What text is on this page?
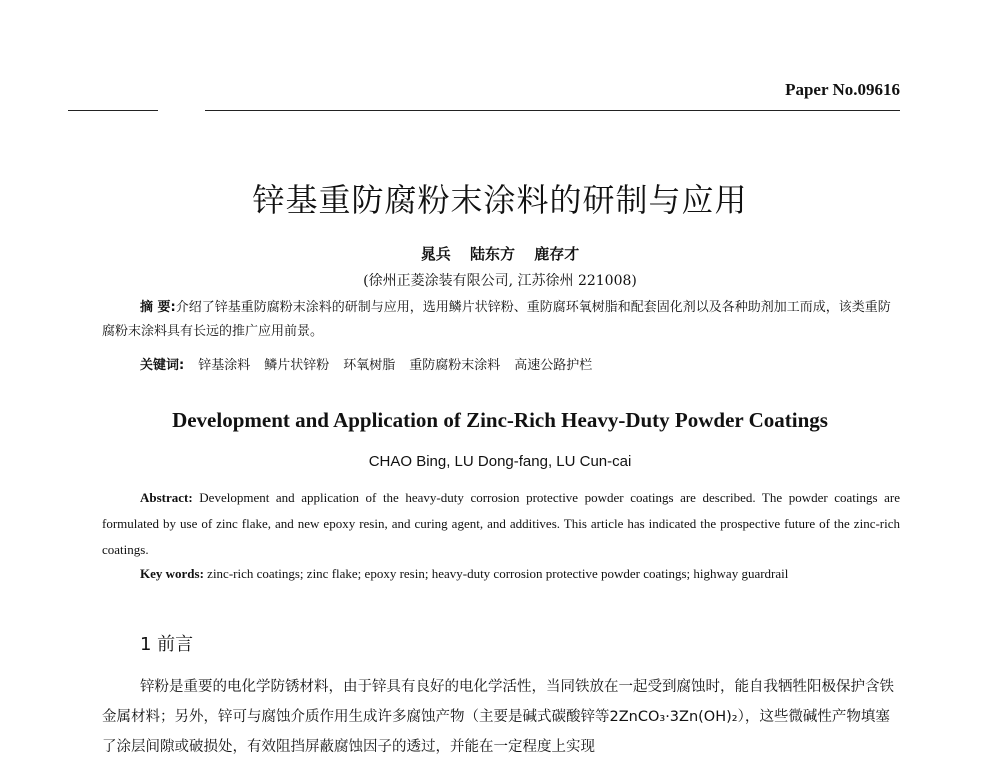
Paper No.09616
锌基重防腐粉末涂料的研制与应用
晁兵 陆东方 鹿存才
(徐州正菱涂装有限公司, 江苏徐州 221008)
摘 要:介绍了锌基重防腐粉末涂料的研制与应用，选用鳞片状锌粉、重防腐环氧树脂和配套固化剂以及各种助剂加工而成，该类重防腐粉末涂料具有长远的推广应用前景。
关键词: 锌基涂料 鳞片状锌粉 环氧树脂 重防腐粉末涂料 高速公路护栏
Development and Application of Zinc-Rich Heavy-Duty Powder Coatings
CHAO Bing, LU Dong-fang, LU Cun-cai
Abstract: Development and application of the heavy-duty corrosion protective powder coatings are described. The powder coatings are formulated by use of zinc flake, and new epoxy resin, and curing agent, and additives. This article has indicated the prospective future of the zinc-rich coatings.
Key words: zinc-rich coatings; zinc flake; epoxy resin; heavy-duty corrosion protective powder coatings; highway guardrail
1 前言
锌粉是重要的电化学防锈材料，由于锌具有良好的电化学活性，当同铁放在一起受到腐蚀时，能自我牺牲阳极保护含铁金属材料；另外，锌可与腐蚀介质作用生成许多腐蚀产物（主要是碱式碳酸锌等2ZnCO₃·3Zn(OH)₂），这些微碱性产物填塞了涂层间隙或破损处，有效阻挡屏蔽腐蚀因子的透过，并能在一定程度上实现
